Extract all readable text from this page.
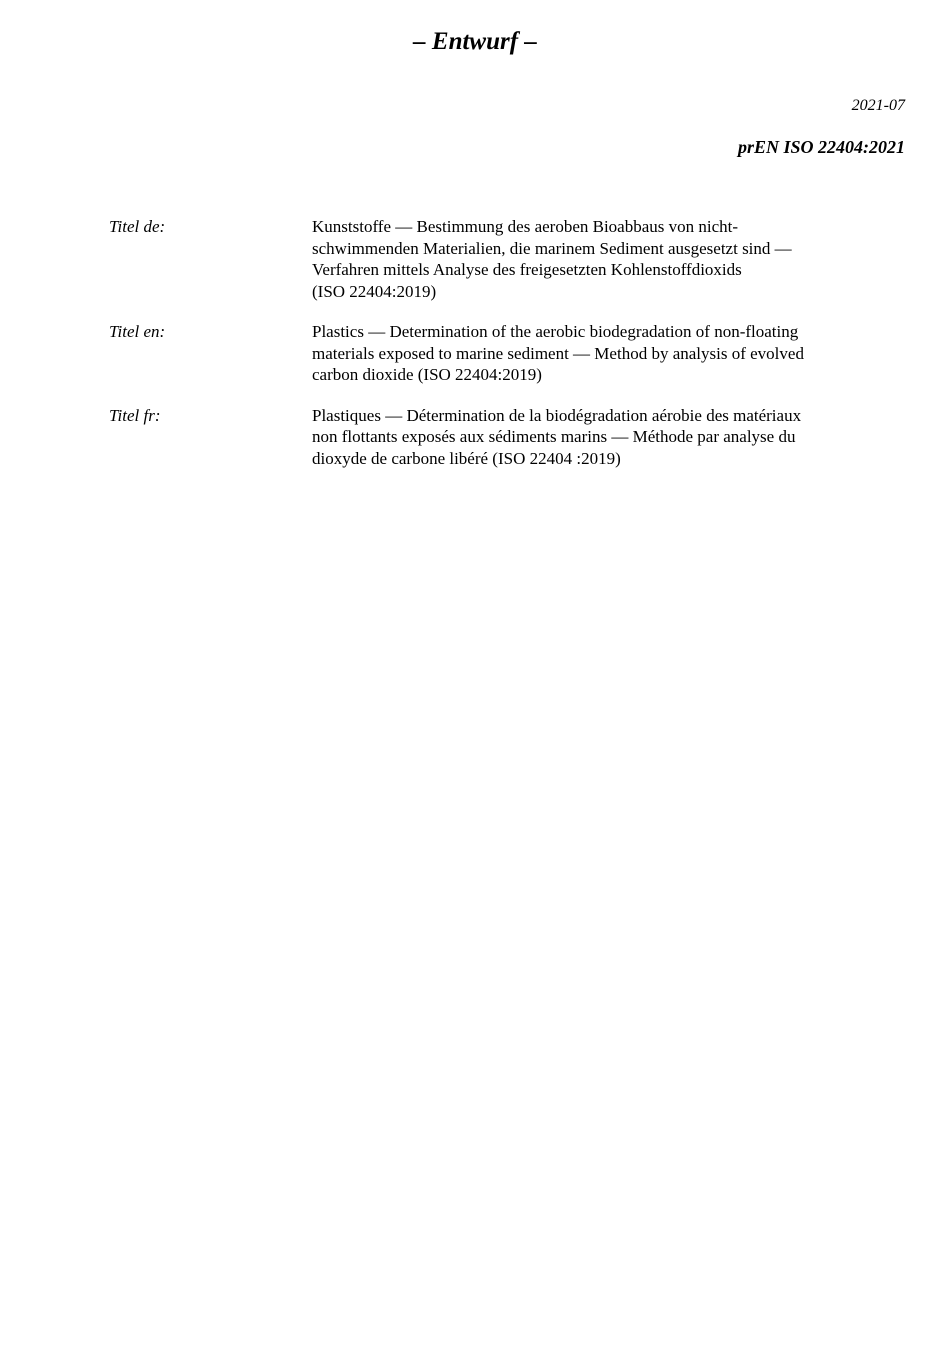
– Entwurf –
2021-07
prEN ISO 22404:2021
Titel de:	Kunststoffe — Bestimmung des aeroben Bioabbaus von nicht-
schwimmenden Materialien, die marinem Sediment ausgesetzt sind —
Verfahren mittels Analyse des freigesetzten Kohlenstoffdioxids
(ISO 22404:2019)
Titel en:	Plastics — Determination of the aerobic biodegradation of non-floating
materials exposed to marine sediment — Method by analysis of evolved
carbon dioxide (ISO 22404:2019)
Titel fr:	Plastiques — Détermination de la biodégradation aérobie des matériaux
non flottants exposés aux sédiments marins — Méthode par analyse du
dioxyde de carbone libéré (ISO 22404 :2019)
